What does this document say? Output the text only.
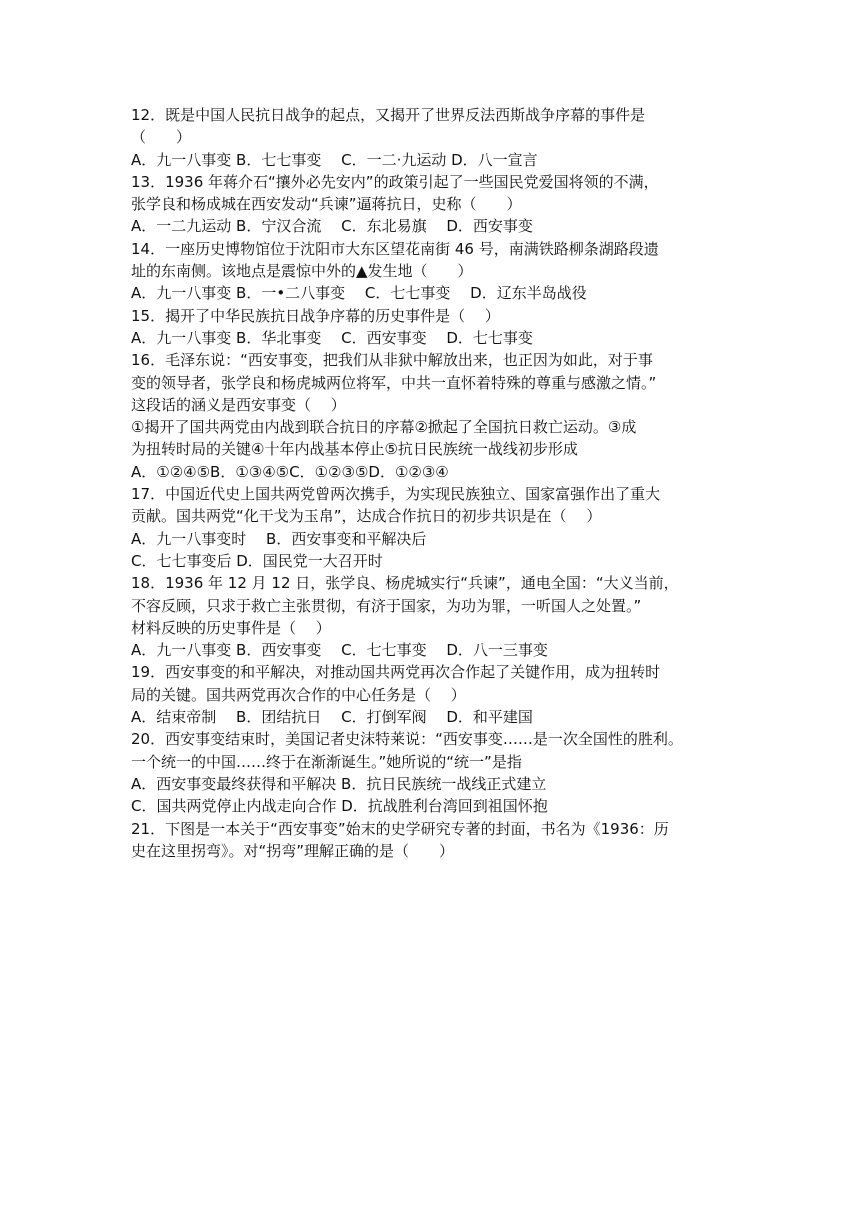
12．既是中国人民抗日战争的起点，又揭开了世界反法西斯战争序幕的事件是
（　　）
A．九一八事变 B．七七事变　 C．一二·九运动 D．八一宣言
13．1936 年蒋介石“攘外必先安内”的政策引起了一些国民党爱国将领的不满，
张学良和杨成城在西安发动“兵谏”逼蒋抗日，史称（　　）
A．一二九运动 B．宁汉合流　 C．东北易旗　 D．西安事变
14．一座历史博物馆位于沈阳市大东区望花南街 46 号，南满铁路柳条湖路段遗
址的东南侧。该地点是震惊中外的▲发生地（　　）
A．九一八事变 B．一•二八事变　 C．七七事变　 D．辽东半岛战役
15．揭开了中华民族抗日战争序幕的历史事件是（　 ）
A．九一八事变 B．华北事变　 C．西安事变　 D．七七事变
16．毛泽东说：“西安事变，把我们从非狱中解放出来，也正因为如此，对于事
变的领导者，张学良和杨虎城两位将军，中共一直怀着特殊的尊重与感激之情。”
这段话的涵义是西安事变（　 ）
①揭开了国共两党由内战到联合抗日的序幕②掀起了全国抗日救亡运动。③成
为扭转时局的关键④十年内战基本停止⑤抗日民族统一战线初步形成
A．①②④⑤B．①③④⑤C．①②③⑤D．①②③④
17．中国近代史上国共两党曾两次携手，为实现民族独立、国家富强作出了重大
贡献。国共两党“化干戈为玉帛”，达成合作抗日的初步共识是在（　 ）
A．九一八事变时　 B．西安事变和平解决后
C．七七事变后 D．国民党一大召开时
18．1936 年 12 月 12 日，张学良、杨虎城实行“兵谏”，通电全国：“大义当前，
不容反顾，只求于救亡主张贯彻，有济于国家，为功为罪，一听国人之处置。”
材料反映的历史事件是（　 ）
A．九一八事变 B．西安事变　 C．七七事变　 D．八一三事变
19．西安事变的和平解决，对推动国共两党再次合作起了关键作用，成为扭转时
局的关键。国共两党再次合作的中心任务是（　 ）
A．结束帝制　 B．团结抗日　 C．打倒军阀　 D．和平建国
20．西安事变结束时，美国记者史沫特莱说：“西安事变……是一次全国性的胜利。
一个统一的中国……终于在渐渐诞生。”她所说的“统一”是指
A．西安事变最终获得和平解决 B．抗日民族统一战线正式建立
C．国共两党停止内战走向合作 D．抗战胜利台湾回到祖国怀抱
21．下图是一本关于“西安事变”始末的史学研究专著的封面，书名为《1936：历
史在这里拐弯》。对“拐弯”理解正确的是（　　）
